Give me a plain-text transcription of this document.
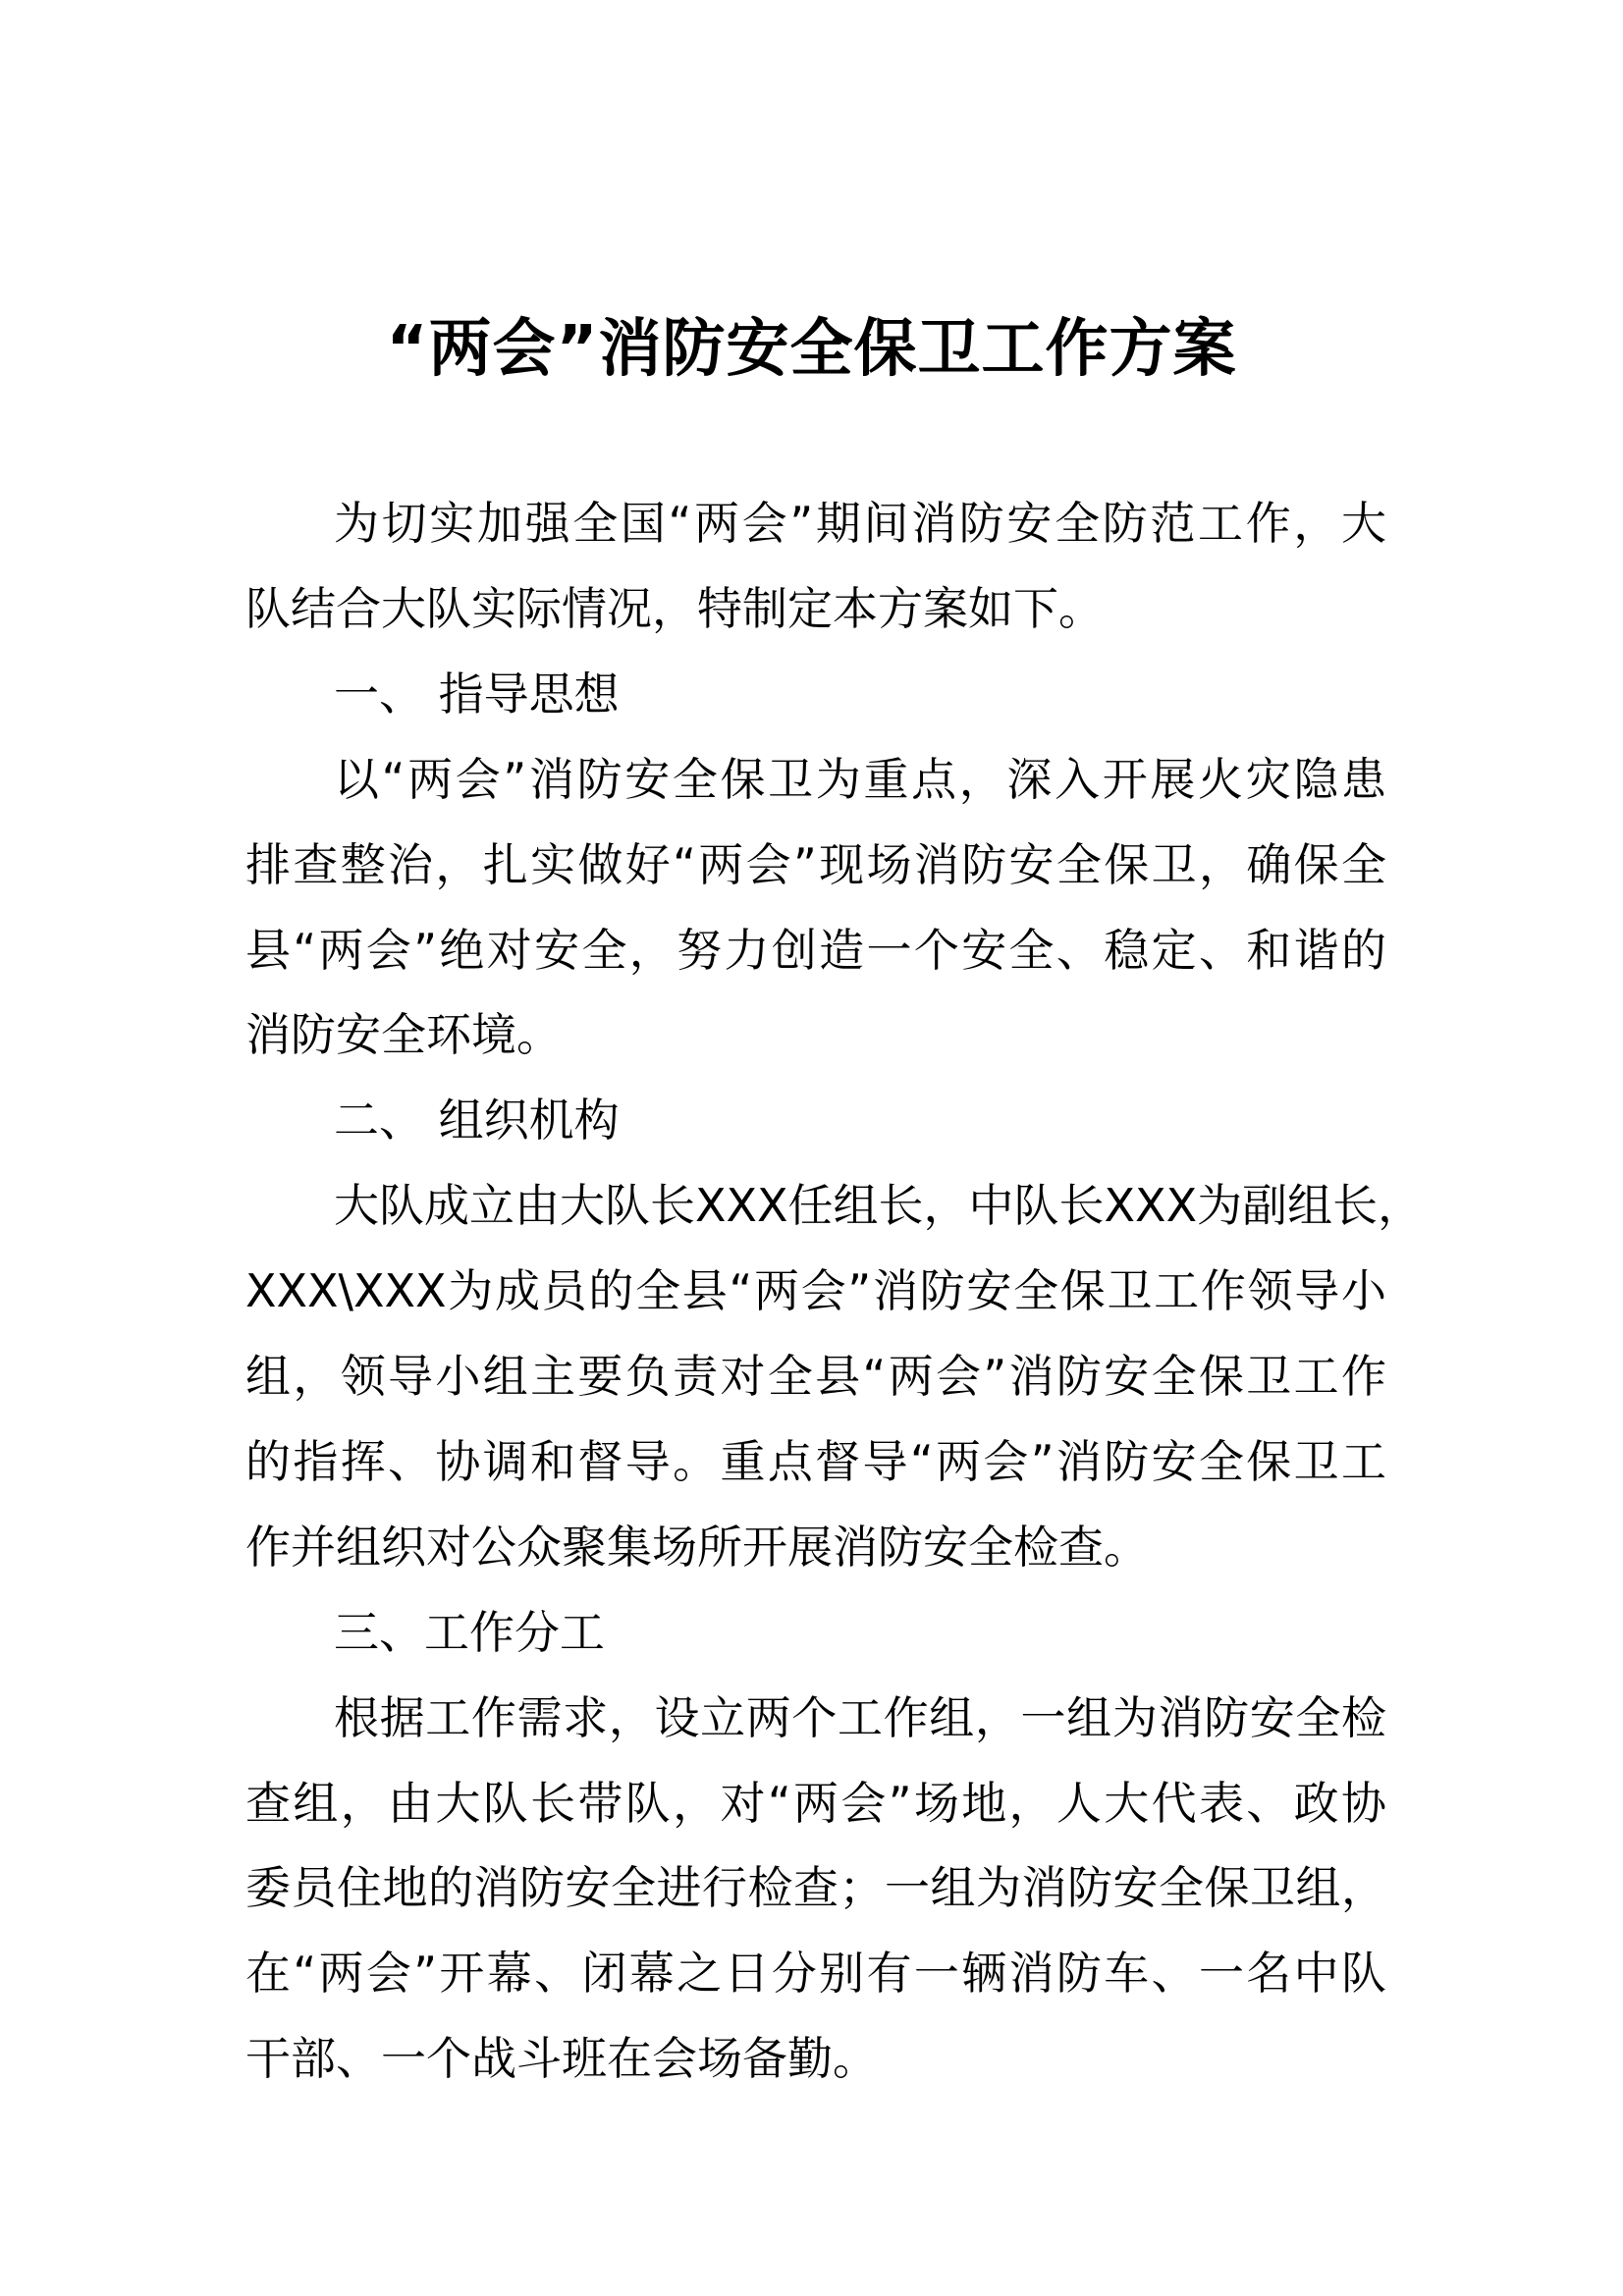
“两会”消防安全保卫工作方案
为切实加强全国“两会”期间消防安全防范工作，大
队结合大队实际情况，特制定本方案如下。
一、 指导思想
以“两会”消防安全保卫为重点，深入开展火灾隐患
排查整治，扎实做好“两会”现场消防安全保卫，确保全
县“两会”绝对安全，努力创造一个安全、稳定、和谐的
消防安全环境。
二、 组织机构
大队成立由大队长XXX任组长，中队长XXX为副组长，
XXX\XXX为成员的全县“两会”消防安全保卫工作领导小
组，领导小组主要负责对全县“两会”消防安全保卫工作
的指挥、协调和督导。重点督导“两会”消防安全保卫工
作并组织对公众聚集场所开展消防安全检查。
三、工作分工
根据工作需求，设立两个工作组，一组为消防安全检
查组，由大队长带队，对“两会”场地，人大代表、政协
委员住地的消防安全进行检查；一组为消防安全保卫组，
在“两会”开幕、闭幕之日分别有一辆消防车、一名中队
干部、一个战斗班在会场备勤。
